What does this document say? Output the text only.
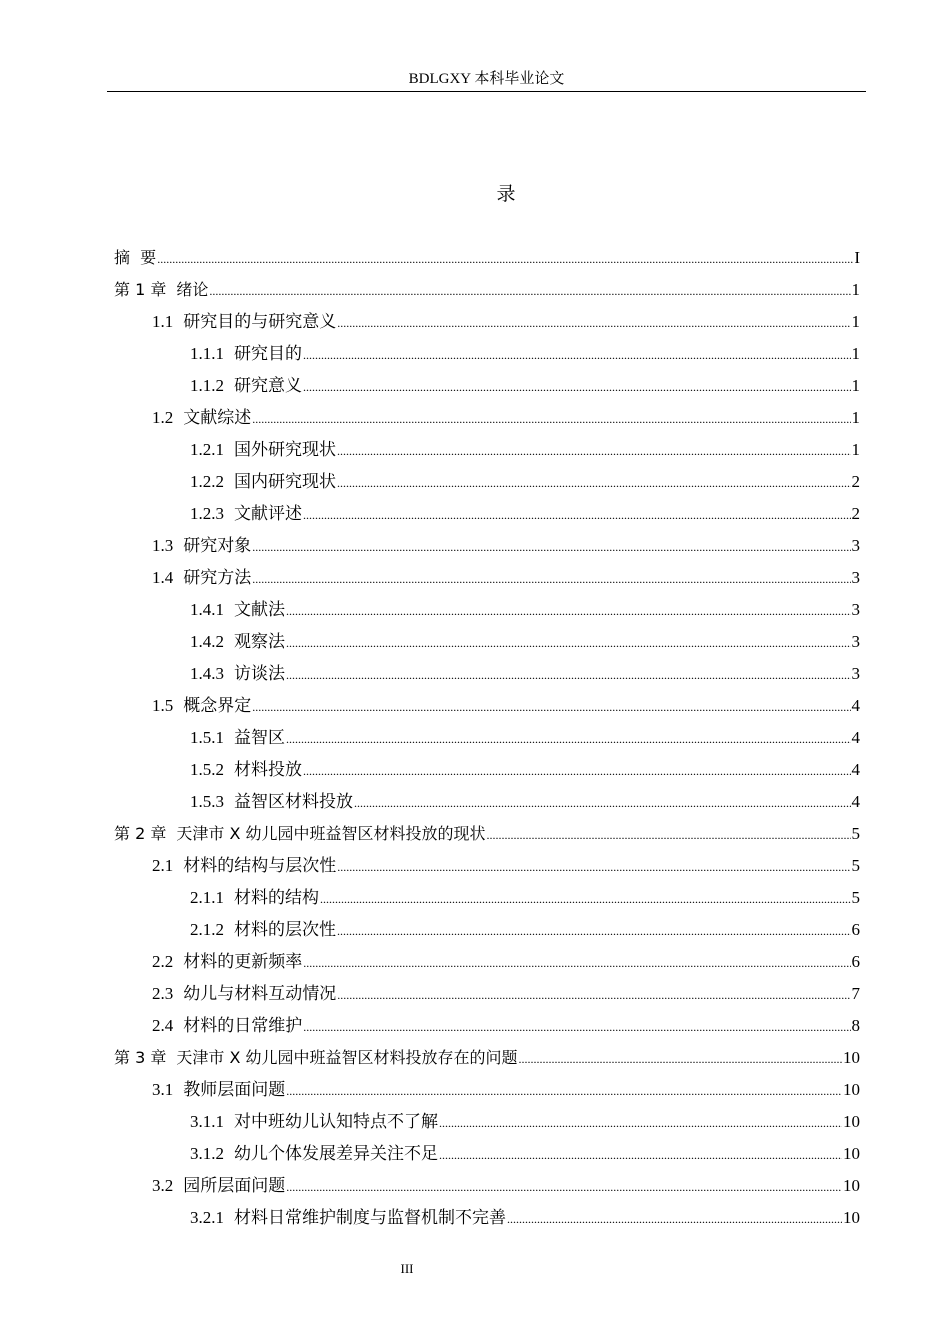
BDLGXY 本科毕业论文
录
摘  要 .....	I
第 1 章 绪论 .....	1
1.1 研究目的与研究意义 .....	1
1.1.1 研究目的 .....	1
1.1.2 研究意义 .....	1
1.2 文献综述 .....	1
1.2.1 国外研究现状 .....	1
1.2.2 国内研究现状 .....	2
1.2.3 文献评述 .....	2
1.3 研究对象 .....	3
1.4 研究方法 .....	3
1.4.1 文献法 .....	3
1.4.2 观察法 .....	3
1.4.3 访谈法 .....	3
1.5 概念界定 .....	4
1.5.1 益智区 .....	4
1.5.2 材料投放 .....	4
1.5.3 益智区材料投放 .....	4
第 2 章 天津市 X 幼儿园中班益智区材料投放的现状 .....	5
2.1 材料的结构与层次性 .....	5
2.1.1 材料的结构 .....	5
2.1.2 材料的层次性 .....	6
2.2 材料的更新频率 .....	6
2.3 幼儿与材料互动情况 .....	7
2.4 材料的日常维护 .....	8
第 3 章 天津市 X 幼儿园中班益智区材料投放存在的问题 .....	10
3.1 教师层面问题 .....	10
3.1.1 对中班幼儿认知特点不了解 .....	10
3.1.2 幼儿个体发展差异关注不足 .....	10
3.2 园所层面问题 .....	10
3.2.1 材料日常维护制度与监督机制不完善 .....	10
III
